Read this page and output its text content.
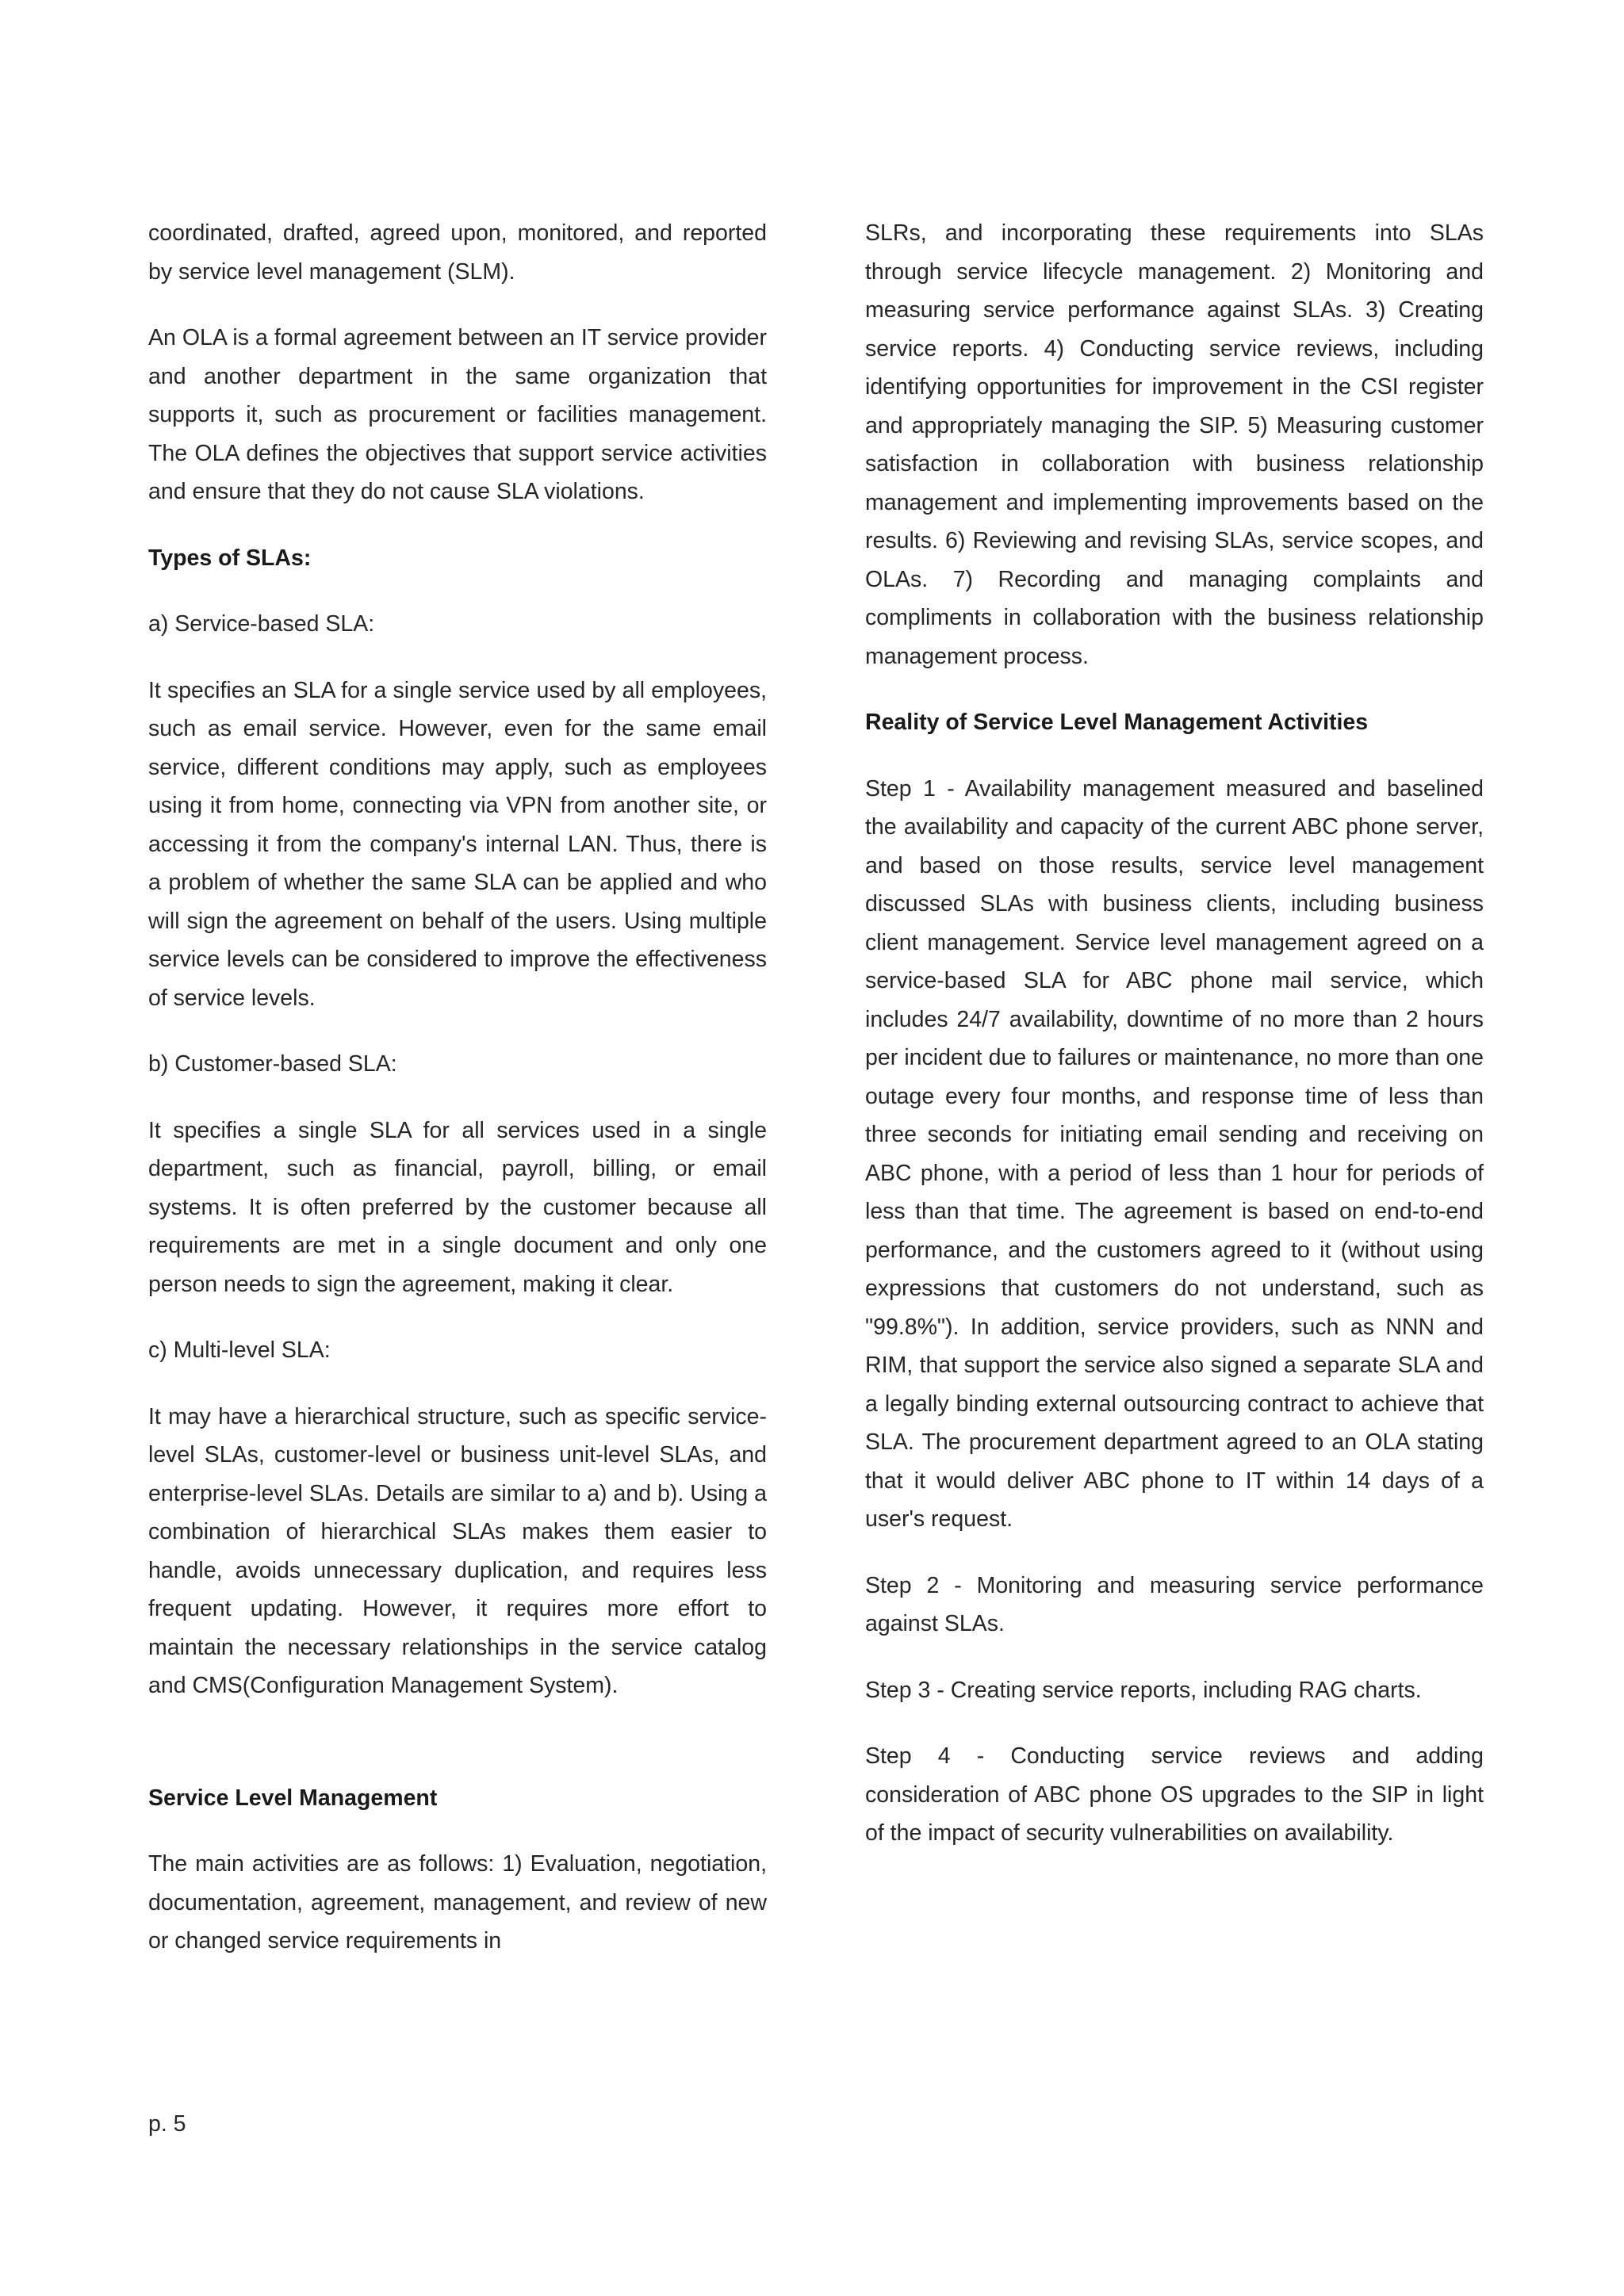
coordinated, drafted, agreed upon, monitored, and reported by service level management (SLM).

An OLA is a formal agreement between an IT service provider and another department in the same organization that supports it, such as procurement or facilities management. The OLA defines the objectives that support service activities and ensure that they do not cause SLA violations.

Types of SLAs:

a) Service-based SLA:

It specifies an SLA for a single service used by all employees, such as email service. However, even for the same email service, different conditions may apply, such as employees using it from home, connecting via VPN from another site, or accessing it from the company's internal LAN. Thus, there is a problem of whether the same SLA can be applied and who will sign the agreement on behalf of the users. Using multiple service levels can be considered to improve the effectiveness of service levels.

b) Customer-based SLA:

It specifies a single SLA for all services used in a single department, such as financial, payroll, billing, or email systems. It is often preferred by the customer because all requirements are met in a single document and only one person needs to sign the agreement, making it clear.

c) Multi-level SLA:

It may have a hierarchical structure, such as specific service-level SLAs, customer-level or business unit-level SLAs, and enterprise-level SLAs. Details are similar to a) and b). Using a combination of hierarchical SLAs makes them easier to handle, avoids unnecessary duplication, and requires less frequent updating. However, it requires more effort to maintain the necessary relationships in the service catalog and CMS(Configuration Management System).

Service Level Management

The main activities are as follows: 1) Evaluation, negotiation, documentation, agreement, management, and review of new or changed service requirements in

SLRs, and incorporating these requirements into SLAs through service lifecycle management. 2) Monitoring and measuring service performance against SLAs. 3) Creating service reports. 4) Conducting service reviews, including identifying opportunities for improvement in the CSI register and appropriately managing the SIP. 5) Measuring customer satisfaction in collaboration with business relationship management and implementing improvements based on the results. 6) Reviewing and revising SLAs, service scopes, and OLAs. 7) Recording and managing complaints and compliments in collaboration with the business relationship management process.

Reality of Service Level Management Activities

Step 1 - Availability management measured and baselined the availability and capacity of the current ABC phone server, and based on those results, service level management discussed SLAs with business clients, including business client management. Service level management agreed on a service-based SLA for ABC phone mail service, which includes 24/7 availability, downtime of no more than 2 hours per incident due to failures or maintenance, no more than one outage every four months, and response time of less than three seconds for initiating email sending and receiving on ABC phone, with a period of less than 1 hour for periods of less than that time. The agreement is based on end-to-end performance, and the customers agreed to it (without using expressions that customers do not understand, such as "99.8%"). In addition, service providers, such as NNN and RIM, that support the service also signed a separate SLA and a legally binding external outsourcing contract to achieve that SLA. The procurement department agreed to an OLA stating that it would deliver ABC phone to IT within 14 days of a user's request.

Step 2 - Monitoring and measuring service performance against SLAs.

Step 3 - Creating service reports, including RAG charts.

Step 4 - Conducting service reviews and adding consideration of ABC phone OS upgrades to the SIP in light of the impact of security vulnerabilities on availability.

p. 5
